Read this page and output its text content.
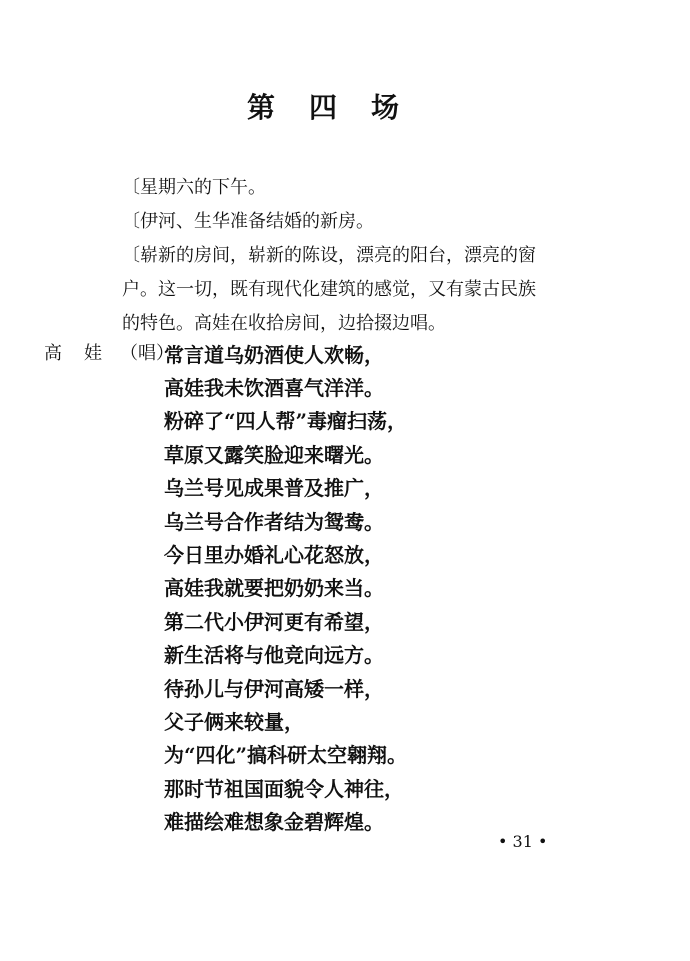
第四场
〔星期六的下午。
〔伊河、生华准备结婚的新房。
〔崭新的房间，崭新的陈设，漂亮的阳台，漂亮的窗
户。这一切，既有现代化建筑的感觉，又有蒙古民族
的特色。高娃在收拾房间，边拾掇边唱。
高娃
（唱）
常言道乌奶酒使人欢畅，
高娃我未饮酒喜气洋洋。
粉碎了“四人帮”毒瘤扫荡，
草原又露笑脸迎来曙光。
乌兰号见成果普及推广，
乌兰号合作者结为鸳鸯。
今日里办婚礼心花怒放，
高娃我就要把奶奶来当。
第二代小伊河更有希望，
新生活将与他竞向远方。
待孙儿与伊河高矮一样，
父子俩来较量，
为“四化”搞科研太空翱翔。
那时节祖国面貌令人神往，
难描绘难想象金碧辉煌。
• 31 •
